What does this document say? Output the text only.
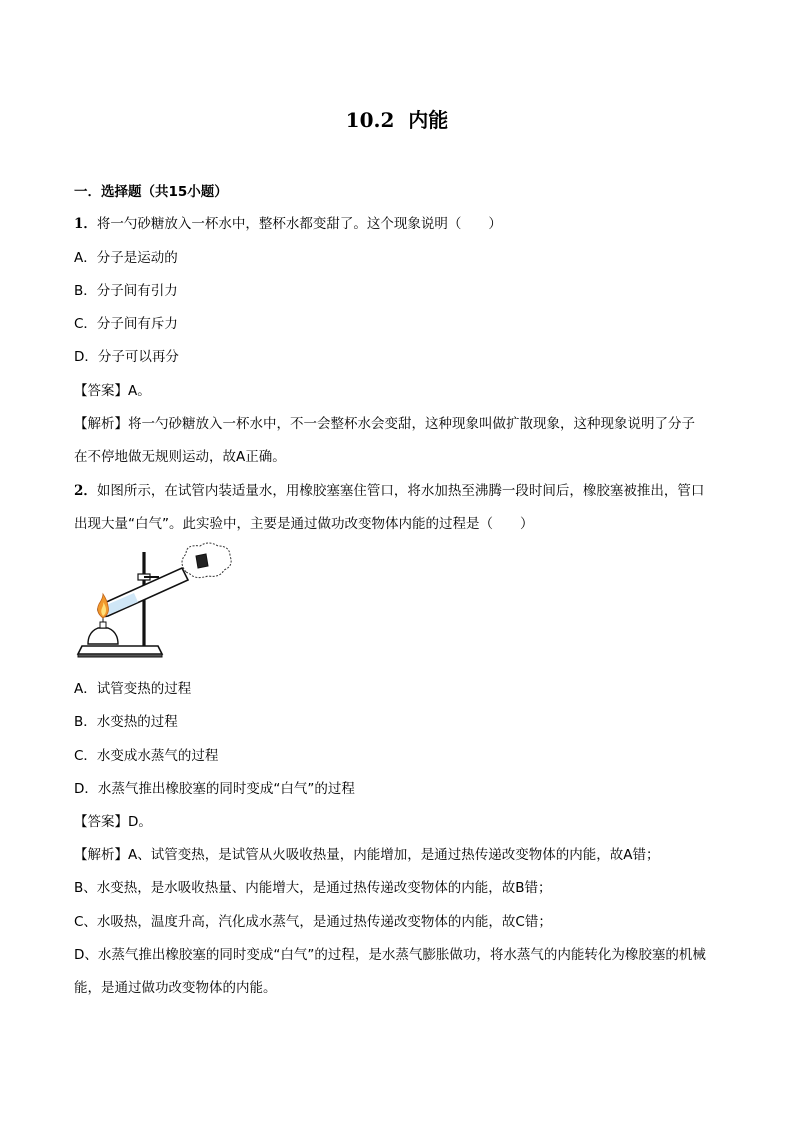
10.2  内能
一．选择题（共15小题）
1．将一勺砂糖放入一杯水中，整杯水都变甜了。这个现象说明（　　）
A．分子是运动的
B．分子间有引力
C．分子间有斥力
D．分子可以再分
【答案】A。
【解析】将一勺砂糖放入一杯水中，不一会整杯水会变甜，这种现象叫做扩散现象，这种现象说明了分子
在不停地做无规则运动，故A正确。
2．如图所示，在试管内装适量水，用橡胶塞塞住管口，将水加热至沸腾一段时间后，橡胶塞被推出，管口
出现大量“白气”。此实验中，主要是通过做功改变物体内能的过程是（　　）
A．试管变热的过程
B．水变热的过程
C．水变成水蒸气的过程
D．水蒸气推出橡胶塞的同时变成“白气”的过程
【答案】D。
【解析】A、试管变热，是试管从火吸收热量，内能增加，是通过热传递改变物体的内能，故A错；
B、水变热，是水吸收热量、内能增大，是通过热传递改变物体的内能，故B错；
C、水吸热，温度升高，汽化成水蒸气，是通过热传递改变物体的内能，故C错；
D、水蒸气推出橡胶塞的同时变成“白气”的过程，是水蒸气膨胀做功，将水蒸气的内能转化为橡胶塞的机械
能，是通过做功改变物体的内能。
